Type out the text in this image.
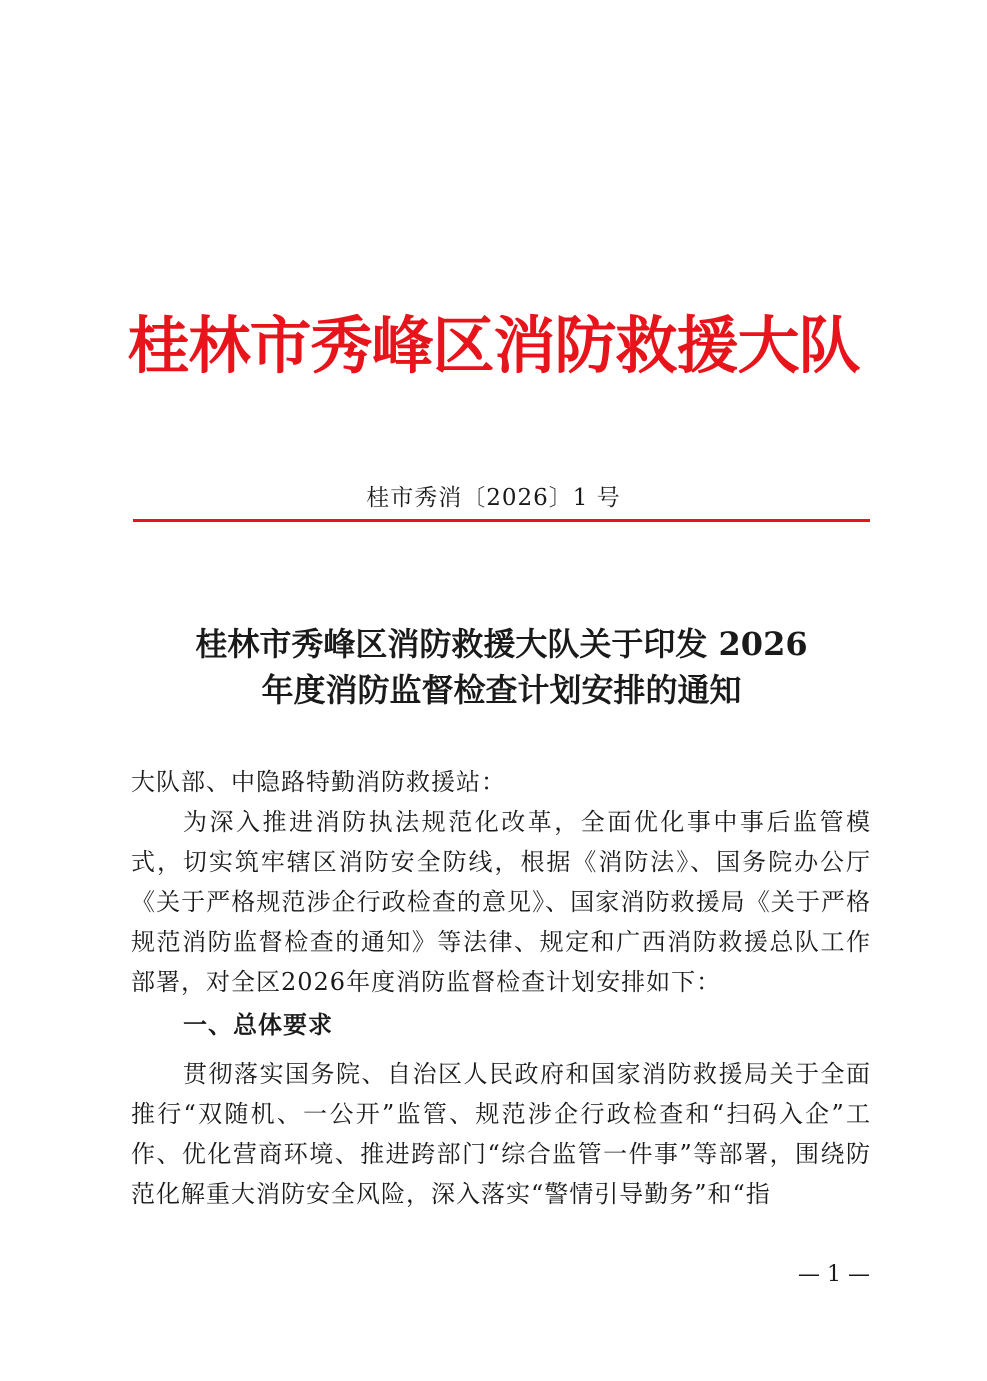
桂林市秀峰区消防救援大队
桂市秀消〔2026〕1 号
桂林市秀峰区消防救援大队关于印发 2026
年度消防监督检查计划安排的通知

大队部、中隐路特勤消防救援站：

为深入推进消防执法规范化改革，全面优化事中事后监管模式，切实筑牢辖区消防安全防线，根据《消防法》、国务院办公厅《关于严格规范涉企行政检查的意见》、国家消防救援局《关于严格规范消防监督检查的通知》等法律、规定和广西消防救援总队工作部署，对全区2026年度消防监督检查计划安排如下：

一、总体要求

贯彻落实国务院、自治区人民政府和国家消防救援局关于全面推行“双随机、一公开”监管、规范涉企行政检查和“扫码入企”工作、优化营商环境、推进跨部门“综合监管一件事”等部署，围绕防范化解重大消防安全风险，深入落实“警情引导勤务”和“指

— 1 —
